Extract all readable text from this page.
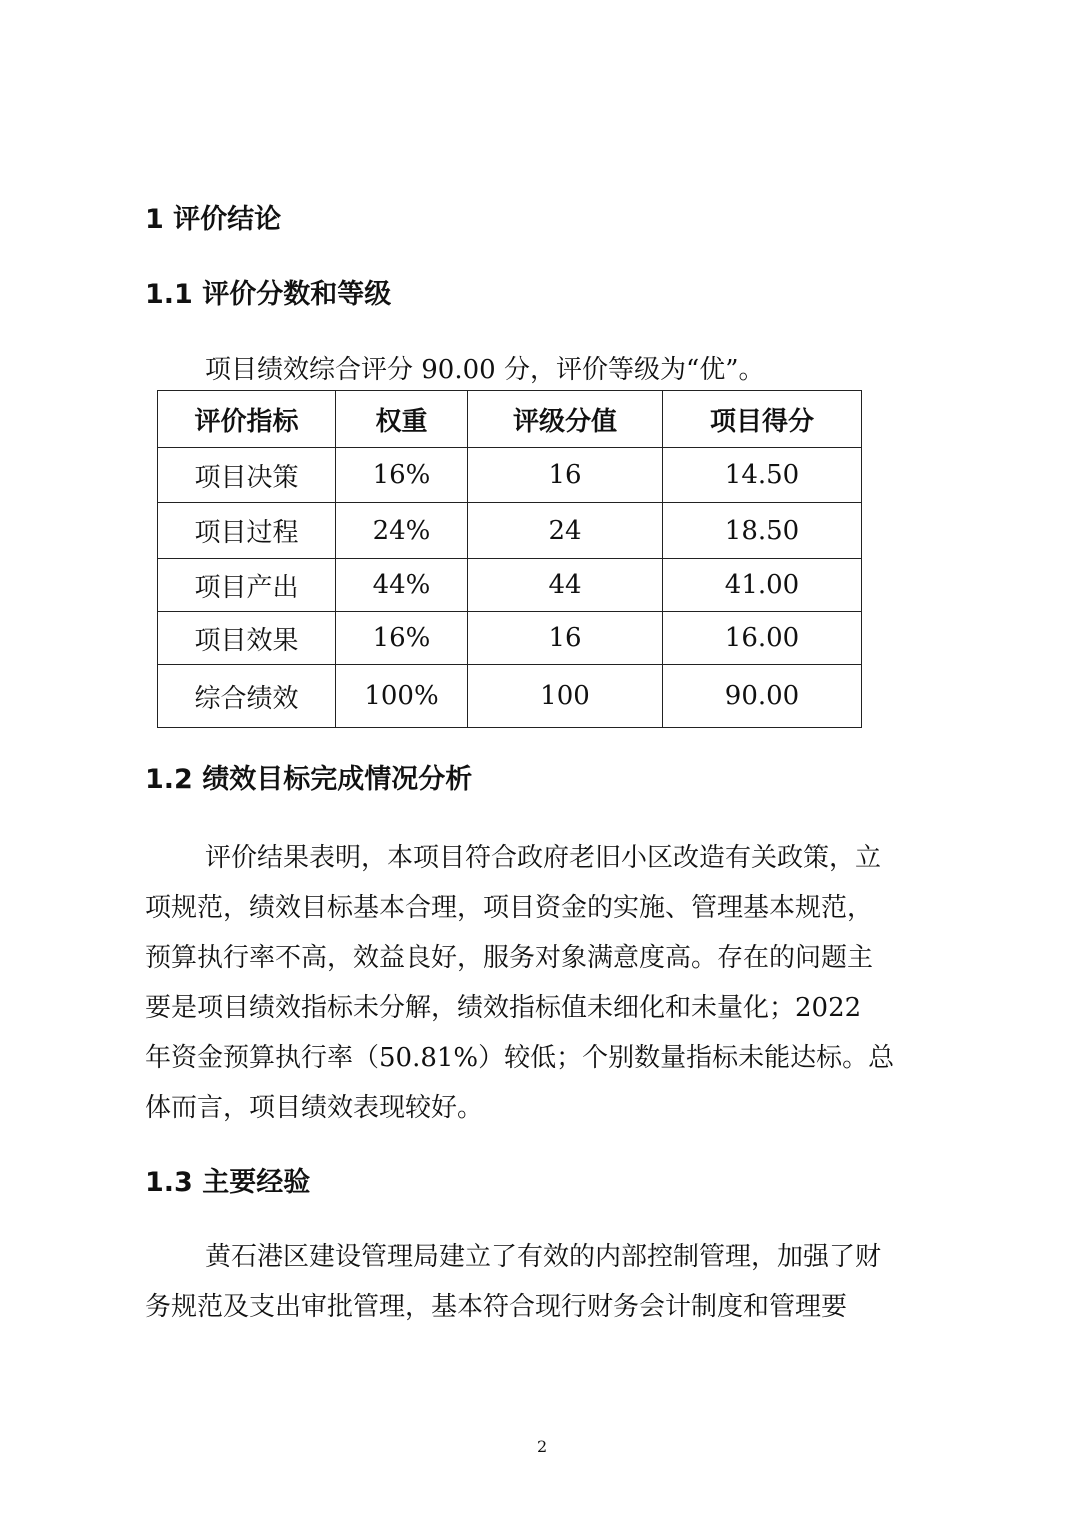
1 评价结论
1.1 评价分数和等级
项目绩效综合评分 90.00 分，评价等级为“优”。
评价指标	权重	评级分值	项目得分
项目决策	16%	16	14.50
项目过程	24%	24	18.50
项目产出	44%	44	41.00
项目效果	16%	16	16.00
综合绩效	100%	100	90.00
1.2 绩效目标完成情况分析
评价结果表明，本项目符合政府老旧小区改造有关政策，立
项规范，绩效目标基本合理，项目资金的实施、管理基本规范，
预算执行率不高，效益良好，服务对象满意度高。存在的问题主
要是项目绩效指标未分解，绩效指标值未细化和未量化；2022
年资金预算执行率（50.81%）较低；个别数量指标未能达标。总
体而言，项目绩效表现较好。
1.3 主要经验
黄石港区建设管理局建立了有效的内部控制管理，加强了财
务规范及支出审批管理，基本符合现行财务会计制度和管理要
2
